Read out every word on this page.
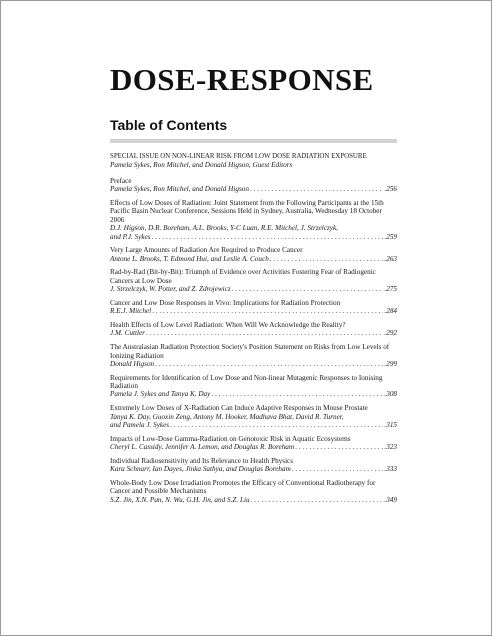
DOSE-RESPONSE
Table of Contents
SPECIAL ISSUE ON NON-LINEAR RISK FROM LOW DOSE RADIATION EXPOSURE
Pamela Sykes, Ron Mitchel, and Donald Higson, Guest Editors
Preface
Pamela Sykes, Ron Mitchel, and Donald Higson . . .	.256
Effects of Low Doses of Radiation: Joint Statement from the Following Participants at the 15th Pacific Basin Nuclear Conference, Sessions Held in Sydney, Australia, Wednesday 18 October 2006
D.J. Higson, D.R. Boreham, A.L. Brooks, Y-C Luan, R.E. Mitchel, J. Strzelczyk,
and P.J. Sykes . . .	.259
Very Large Amounts of Radiation Are Required to Produce Cancer
Antone L. Brooks, T. Edmond Hui, and Leslie A. Couch . . .	.263
Rad-by-Rad (Bit-by-Bit): Triumph of Evidence over Activities Fostering Fear of Radiogenic Cancers at Low Dose
J. Strzelczyk, W. Potter, and Z. Zdrojewicz . . .	.275
Cancer and Low Dose Responses in Vivo: Implications for Radiation Protection
R.E.J. Mitchel . . .	.284
Health Effects of Low Level Radiation: When Will We Acknowledge the Reality?
J.M. Cuttler . . .	.292
The Australasian Radiation Protection Society's Position Statement on Risks from Low Levels of Ionizing Radiation
Donald Higson . . .	.299
Requirements for Identification of Low Dose and Non-linear Mutagenic Responses to Ionising Radiation
Pamela J. Sykes and Tanya K. Day . . .	.308
Extremely Low Doses of X-Radiation Can Induce Adaptive Responses in Mouse Prostate
Tanya K. Day, Guoxin Zeng, Antony M. Hooker, Madhava Bhat, David R. Turner,
and Pamela J. Sykes . . .	.315
Impacts of Low-Dose Gamma-Radiation on Genotoxic Risk in Aquatic Ecosystems
Cheryl L. Cassidy, Jennifer A. Lemon, and Douglas R. Boreham . . .	.323
Individual Radiosensitivity and Its Relevance to Health Physics
Kara Schnarr, Ian Dayes, Jinka Sathya, and Douglas Boreham . . .	.333
Whole-Body Low Dose Irradiation Promotes the Efficacy of Conventional Radiotherapy for Cancer and Possible Mechanisms
S.Z. Jin, X.N. Pan, N. Wu, G.H. Jin, and S.Z. Liu . . .	.349
